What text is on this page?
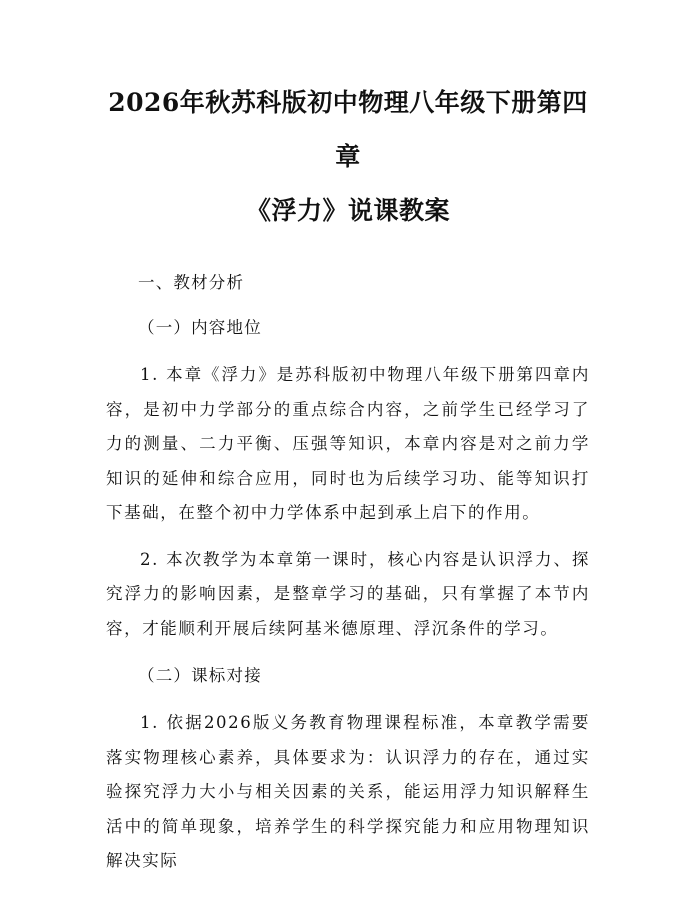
2026年秋苏科版初中物理八年级下册第四章
《浮力》说课教案

一、教材分析

（一）内容地位

1. 本章《浮力》是苏科版初中物理八年级下册第四章内容，是初中力学部分的重点综合内容，之前学生已经学习了力的测量、二力平衡、压强等知识，本章内容是对之前力学知识的延伸和综合应用，同时也为后续学习功、能等知识打下基础，在整个初中力学体系中起到承上启下的作用。

2. 本次教学为本章第一课时，核心内容是认识浮力、探究浮力的影响因素，是整章学习的基础，只有掌握了本节内容，才能顺利开展后续阿基米德原理、浮沉条件的学习。

（二）课标对接

1. 依据2026版义务教育物理课程标准，本章教学需要落实物理核心素养，具体要求为：认识浮力的存在，通过实验探究浮力大小与相关因素的关系，能运用浮力知识解释生活中的简单现象，培养学生的科学探究能力和应用物理知识解决实际
